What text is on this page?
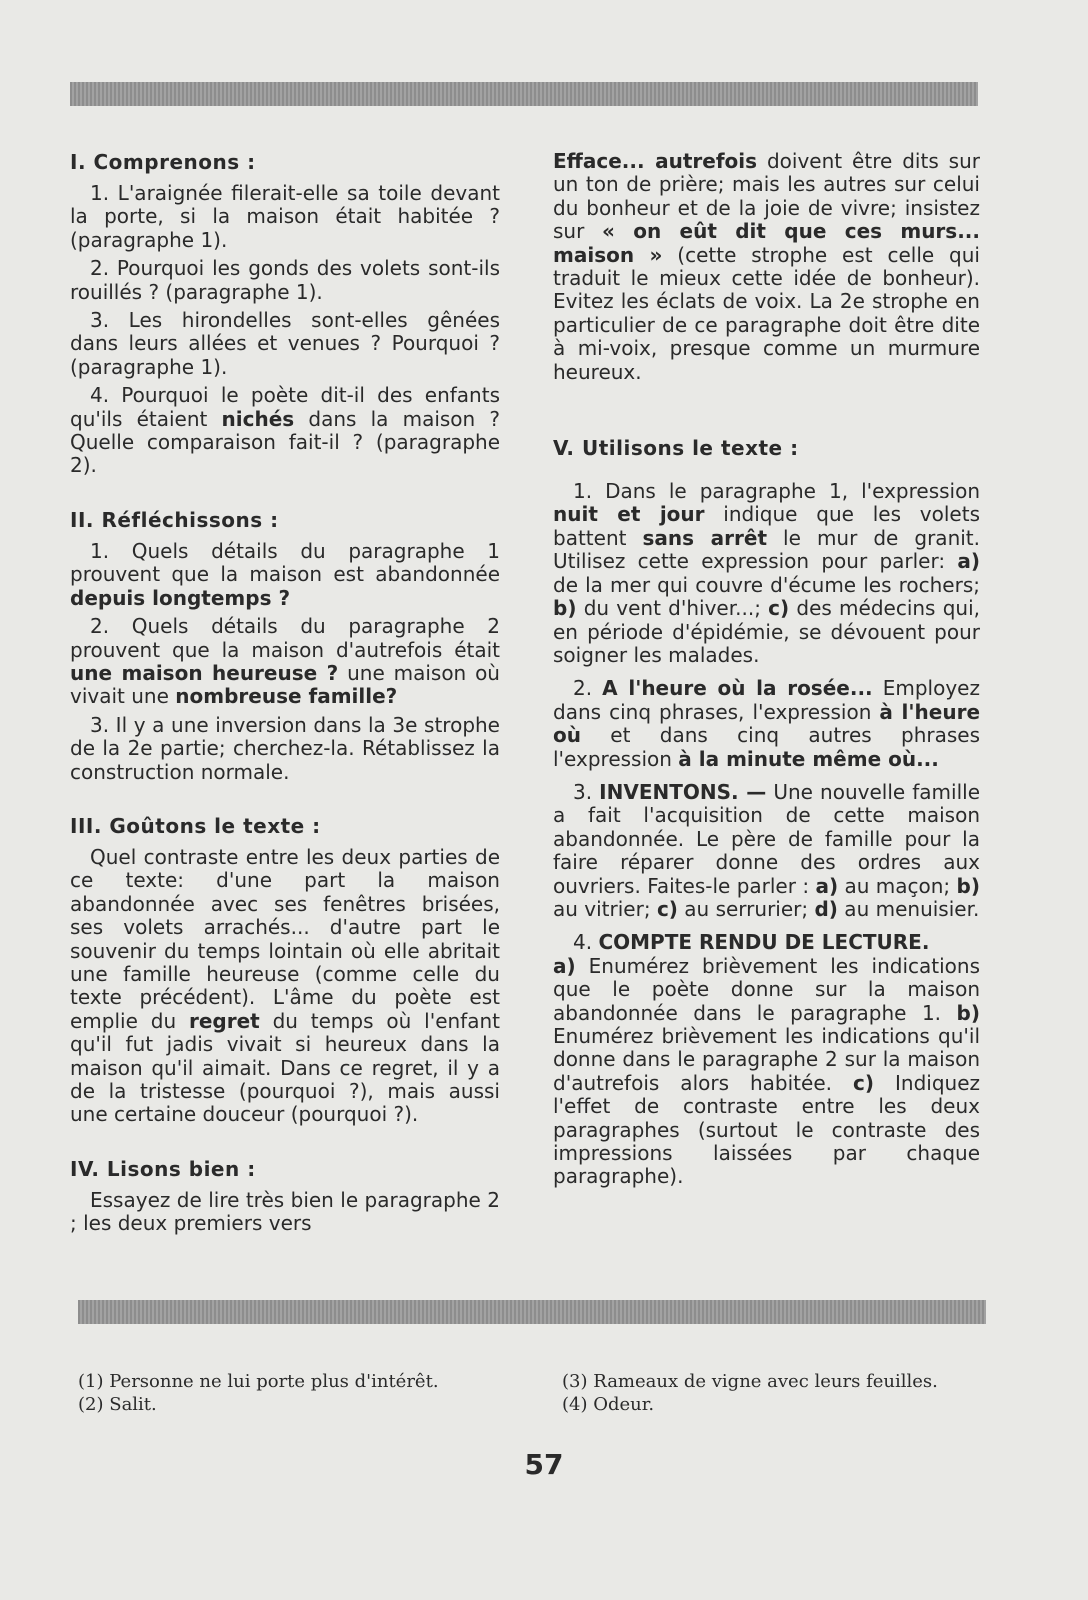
I. Comprenons :

1. L'araignée filerait-elle sa toile devant la porte, si la maison était habitée ? (paragraphe 1).

2. Pourquoi les gonds des volets sont-ils rouillés ? (paragraphe 1).

3. Les hirondelles sont-elles gênées dans leurs allées et venues ? Pourquoi ? (paragraphe 1).

4. Pourquoi le poète dit-il des enfants qu'ils étaient nichés dans la maison ? Quelle comparaison fait-il ? (paragraphe 2).

II. Réfléchissons :

1. Quels détails du paragraphe 1 prouvent que la maison est abandonnée depuis longtemps ?

2. Quels détails du paragraphe 2 prouvent que la maison d'autrefois était une maison heureuse ? une maison où vivait une nombreuse famille?

3. Il y a une inversion dans la 3e strophe de la 2e partie; cherchez-la. Rétablissez la construction normale.

III. Goûtons le texte :

Quel contraste entre les deux parties de ce texte: d'une part la maison abandonnée avec ses fenêtres brisées, ses volets arrachés... d'autre part le souvenir du temps lointain où elle abritait une famille heureuse (comme celle du texte précédent). L'âme du poète est emplie du regret du temps où l'enfant qu'il fut jadis vivait si heureux dans la maison qu'il aimait. Dans ce regret, il y a de la tristesse (pourquoi ?), mais aussi une certaine douceur (pourquoi ?).

IV. Lisons bien :

Essayez de lire très bien le paragraphe 2 ; les deux premiers vers

Efface... autrefois doivent être dits sur un ton de prière; mais les autres sur celui du bonheur et de la joie de vivre; insistez sur « on eût dit que ces murs... maison » (cette strophe est celle qui traduit le mieux cette idée de bonheur). Evitez les éclats de voix. La 2e strophe en particulier de ce paragraphe doit être dite à mi-voix, presque comme un murmure heureux.

V. Utilisons le texte :

1. Dans le paragraphe 1, l'expression nuit et jour indique que les volets battent sans arrêt le mur de granit. Utilisez cette expression pour parler: a) de la mer qui couvre d'écume les rochers; b) du vent d'hiver...; c) des médecins qui, en période d'épidémie, se dévouent pour soigner les malades.

2. A l'heure où la rosée... Employez dans cinq phrases, l'expression à l'heure où et dans cinq autres phrases l'expression à la minute même où...

3. INVENTONS. — Une nouvelle famille a fait l'acquisition de cette maison abandonnée. Le père de famille pour la faire réparer donne des ordres aux ouvriers. Faites-le parler : a) au maçon; b) au vitrier; c) au serrurier; d) au menuisier.

4. COMPTE RENDU DE LECTURE.

a) Enumérez brièvement les indications que le poète donne sur la maison abandonnée dans le paragraphe 1. b) Enumérez brièvement les indications qu'il donne dans le paragraphe 2 sur la maison d'autrefois alors habitée. c) Indiquez l'effet de contraste entre les deux paragraphes (surtout le contraste des impressions laissées par chaque paragraphe).

(1) Personne ne lui porte plus d'intérêt.
(2) Salit.
(3) Rameaux de vigne avec leurs feuilles.
(4) Odeur.
57
